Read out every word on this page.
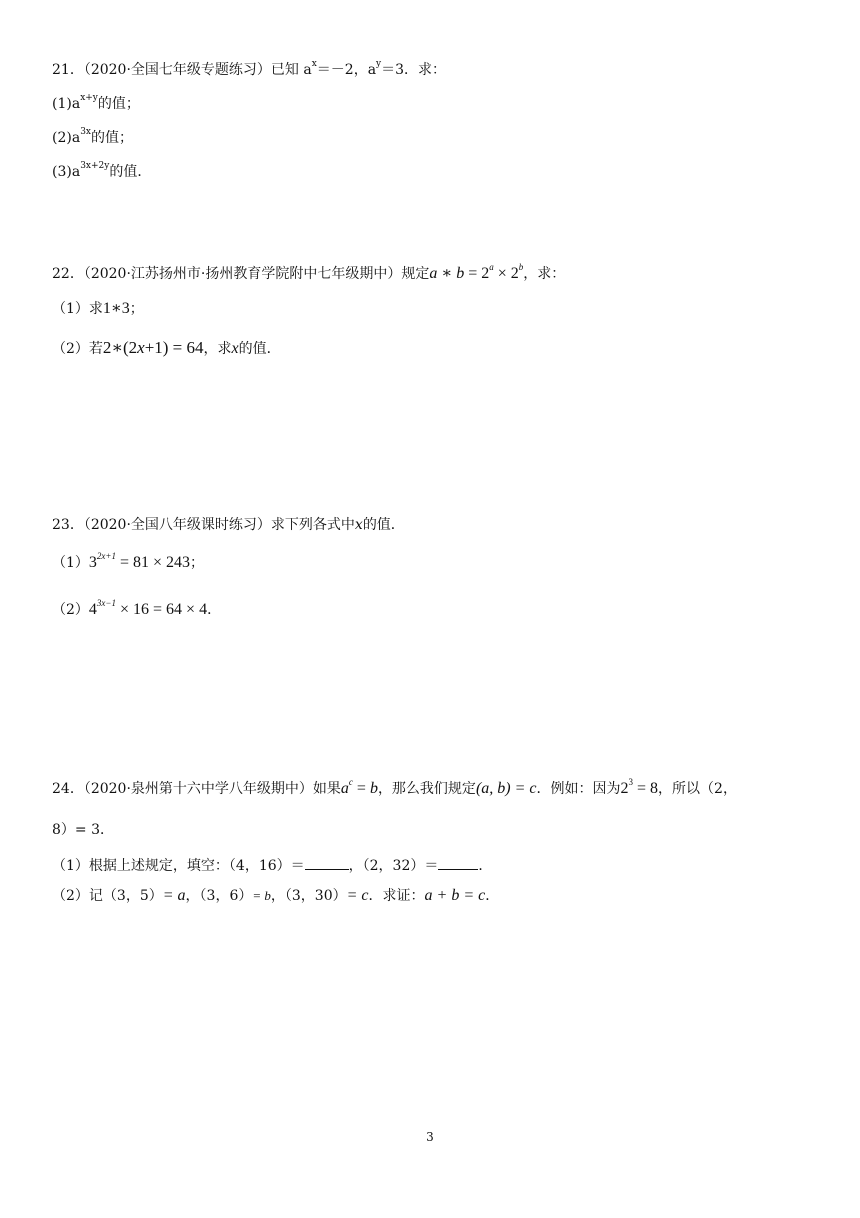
21．（2020·全国七年级专题练习）已知 $a^x=-2$，$a^y=3$．求：
$(1)a^{x+y}$的值；
$(2)a^{3x}$的值；
$(3)a^{3x+2y}$的值．
22．（2020·江苏扬州市·扬州教育学院附中七年级期中）规定a ∗ $b = 2^a \times 2^b$，求：
（1）求1∗3；
（2）若2∗(2x+1) = 64，求x的值．
23．（2020·全国八年级课时练习）求下列各式中x的值．
$(1)3^{2x+1} = 81 \times 243$；
$(2)4^{3x-1} \times 16 = 64 \times 4$．
24．（2020·泉州第十六中学八年级期中）如果$a^c = b$，那么我们规定(a, b) = c．例如：因为$2^3 = 8$，所以（2，
8）= 3．
（1）根据上述规定，填空：（4，16）＝	，（2，32）＝	．
（2）记（3，5）= a，（3，6）= b，（3，30）= c．求证：a + b = c．
3
